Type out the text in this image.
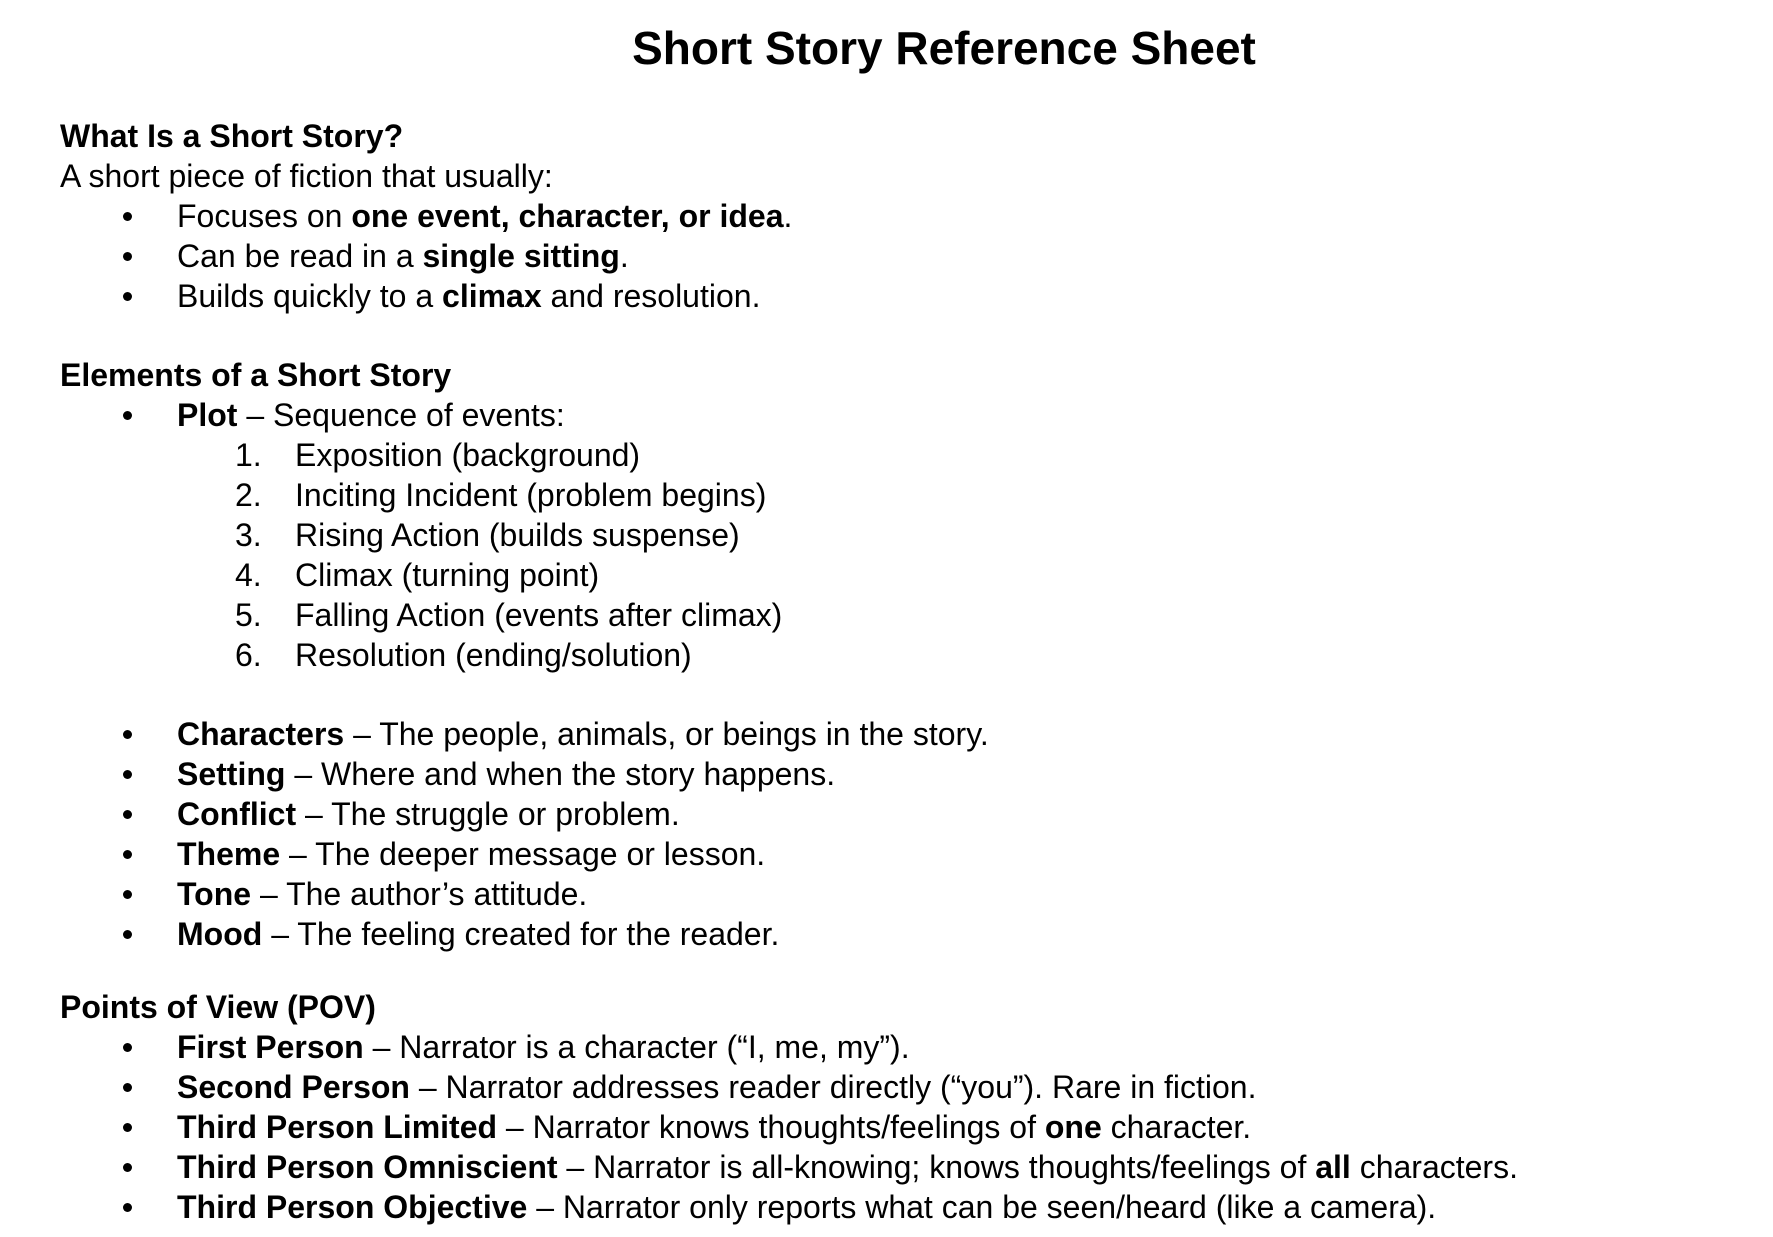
Short Story Reference Sheet
What Is a Short Story?
A short piece of fiction that usually:
Focuses on one event, character, or idea.
Can be read in a single sitting.
Builds quickly to a climax and resolution.
Elements of a Short Story
Plot – Sequence of events:
1.	Exposition (background)
2.	Inciting Incident (problem begins)
3.	Rising Action (builds suspense)
4.	Climax (turning point)
5.	Falling Action (events after climax)
6.	Resolution (ending/solution)
Characters – The people, animals, or beings in the story.
Setting – Where and when the story happens.
Conflict – The struggle or problem.
Theme – The deeper message or lesson.
Tone – The author’s attitude.
Mood – The feeling created for the reader.
Points of View (POV)
First Person – Narrator is a character (“I, me, my”).
Second Person – Narrator addresses reader directly (“you”). Rare in fiction.
Third Person Limited – Narrator knows thoughts/feelings of one character.
Third Person Omniscient – Narrator is all-knowing; knows thoughts/feelings of all characters.
Third Person Objective – Narrator only reports what can be seen/heard (like a camera).
